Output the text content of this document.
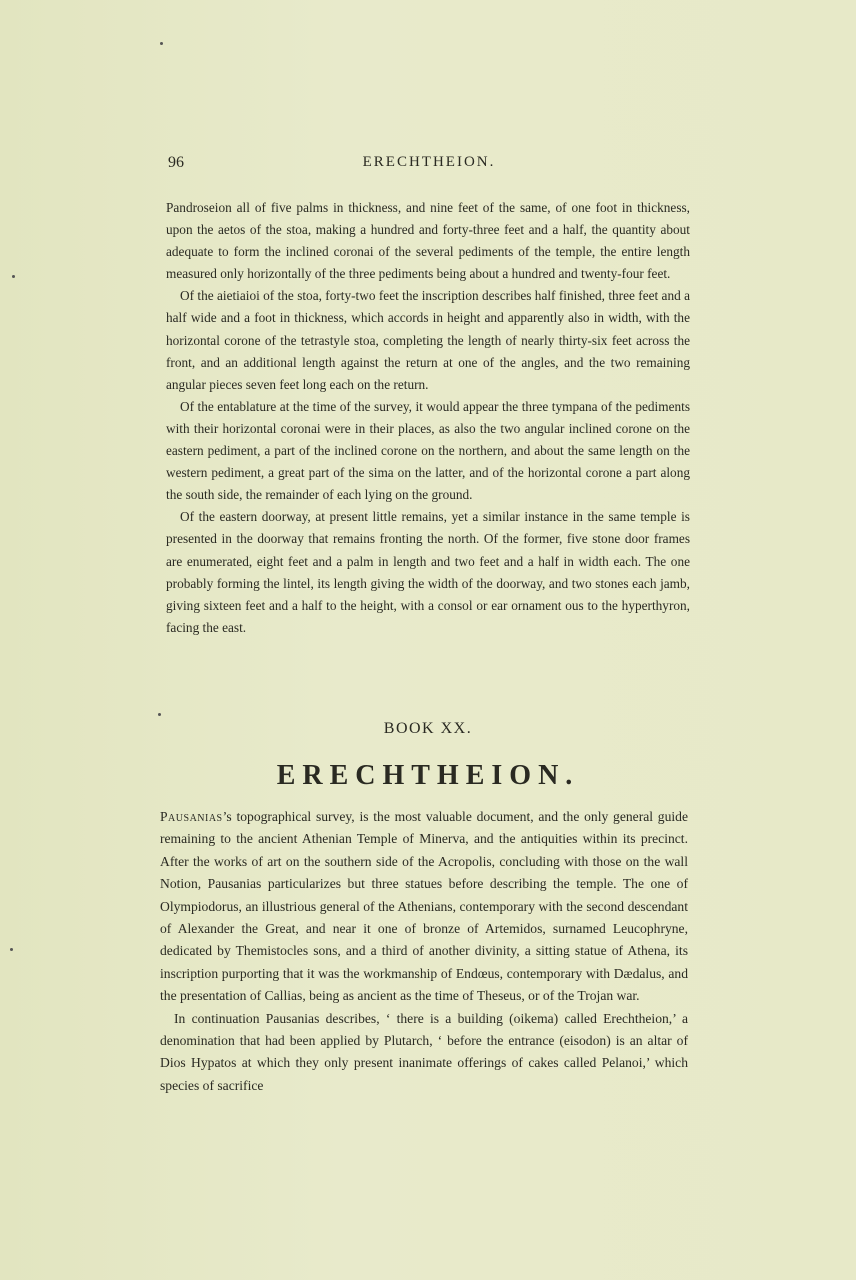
96	ERECHTHEION.

Pandroseion all of five palms in thickness, and nine feet of the same, of one foot in thickness, upon the aetos of the stoa, making a hundred and forty-three feet and a half, the quantity about adequate to form the inclined coronai of the several pediments of the temple, the entire length measured only horizontally of the three pediments being about a hundred and twenty-four feet.

Of the aietiaioi of the stoa, forty-two feet the inscription describes half finished, three feet and a half wide and a foot in thickness, which accords in height and apparently also in width, with the horizontal corone of the tetrastyle stoa, completing the length of nearly thirty-six feet across the front, and an additional length against the return at one of the angles, and the two remaining angular pieces seven feet long each on the return.

Of the entablature at the time of the survey, it would appear the three tympana of the pediments with their horizontal coronai were in their places, as also the two angular inclined corone on the eastern pediment, a part of the inclined corone on the northern, and about the same length on the western pediment, a great part of the sima on the latter, and of the horizontal corone a part along the south side, the remainder of each lying on the ground.

Of the eastern doorway, at present little remains, yet a similar instance in the same temple is presented in the doorway that remains fronting the north. Of the former, five stone door frames are enumerated, eight feet and a palm in length and two feet and a half in width each. The one probably forming the lintel, its length giving the width of the doorway, and two stones each jamb, giving sixteen feet and a half to the height, with a consol or ear ornament ous to the hyperthyron, facing the east.

BOOK XX.
ERECHTHEION.

Pausanias’s topographical survey, is the most valuable document, and the only general guide remaining to the ancient Athenian Temple of Minerva, and the antiquities within its precinct. After the works of art on the southern side of the Acropolis, concluding with those on the wall Notion, Pausanias particularizes but three statues before describing the temple. The one of Olympiodorus, an illustrious general of the Athenians, contemporary with the second descendant of Alexander the Great, and near it one of bronze of Artemidos, surnamed Leucophryne, dedicated by Themistocles sons, and a third of another divinity, a sitting statue of Athena, its inscription purporting that it was the workmanship of Endœus, contemporary with Dædalus, and the presentation of Callias, being as ancient as the time of Theseus, or of the Trojan war.

In continuation Pausanias describes, ‘ there is a building (oikema) called Erechtheion,’ a denomination that had been applied by Plutarch, ‘ before the entrance (eisodon) is an altar of Dios Hypatos at which they only present inanimate offerings of cakes called Pelanoi,’ which species of sacrifice
